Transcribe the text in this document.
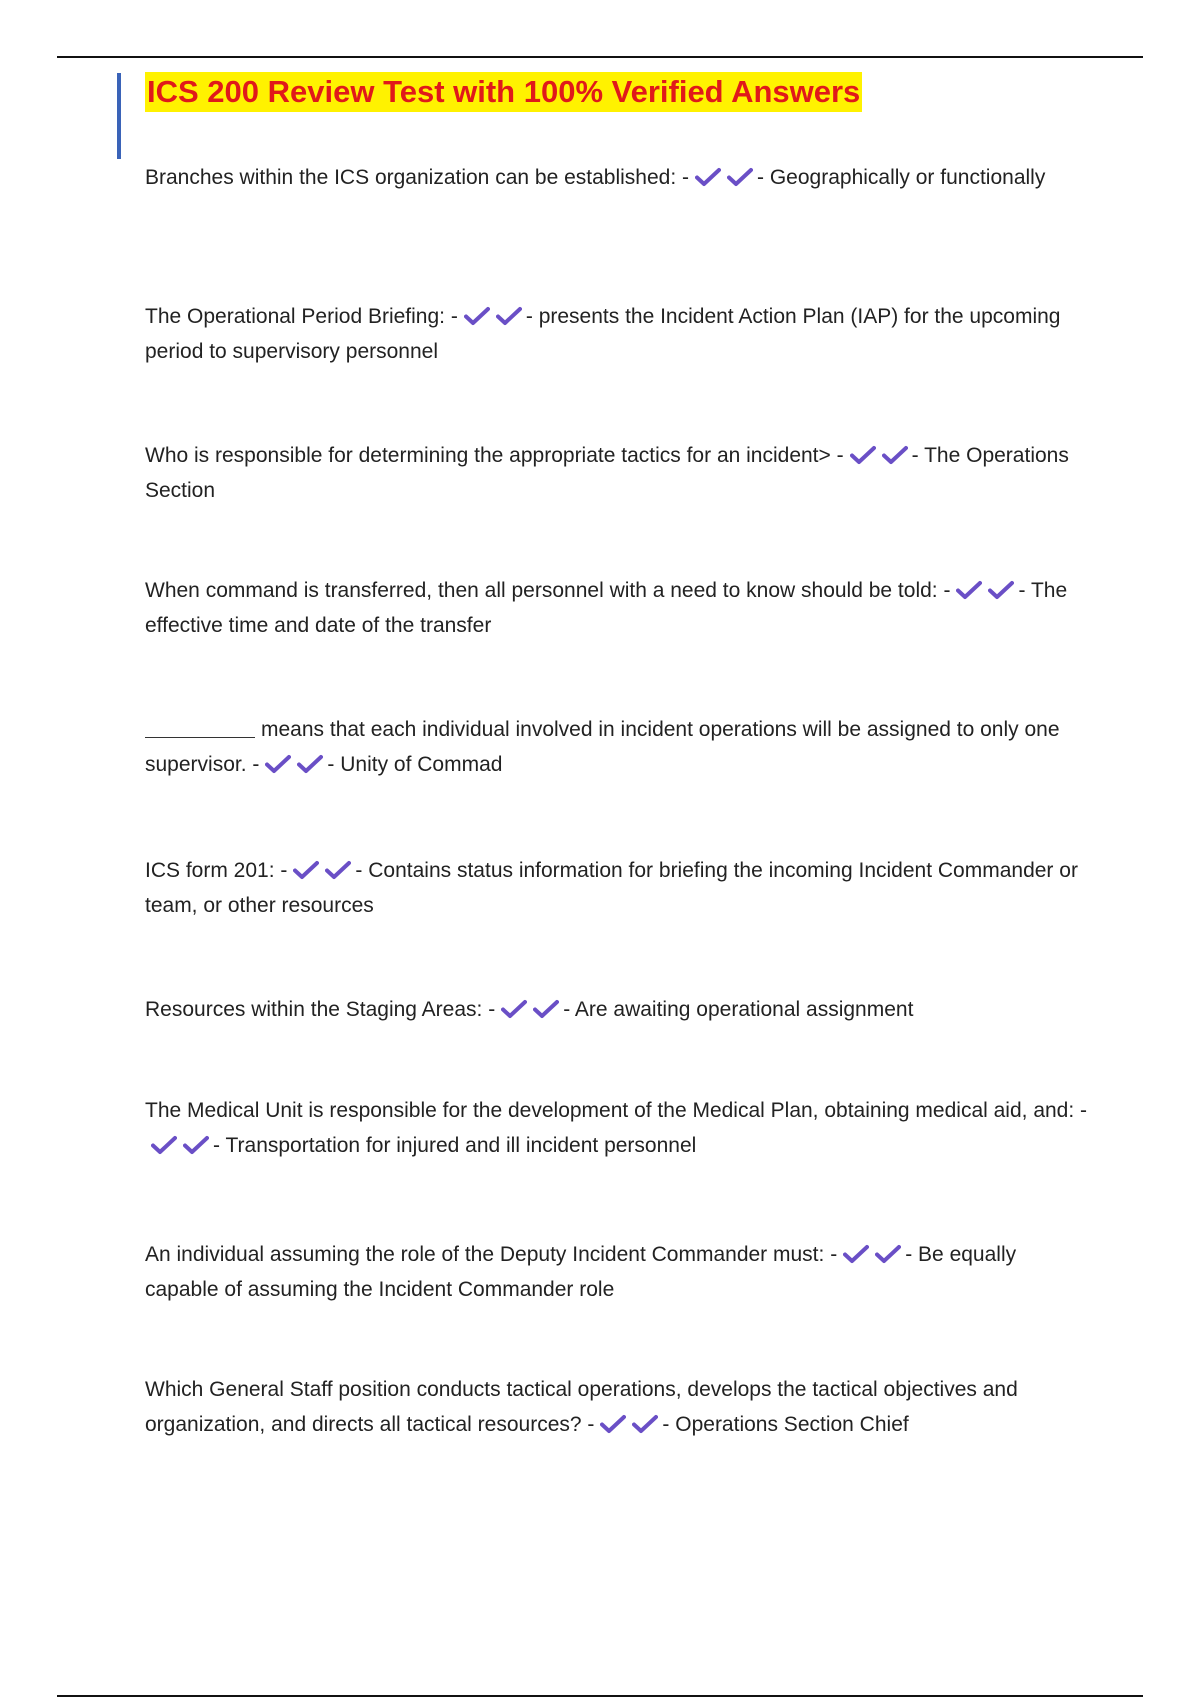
ICS 200 Review Test with 100% Verified Answers
Branches within the ICS organization can be established: -	- Geographically or functionally
The Operational Period Briefing: -	- presents the Incident Action Plan (IAP) for the upcoming period to supervisory personnel
Who is responsible for determining the appropriate tactics for an incident> -	- The Operations Section
When command is transferred, then all personnel with a need to know should be told: -	- The effective time and date of the transfer
means that each individual involved in incident operations will be assigned to only one supervisor. -	- Unity of Commad
ICS form 201: -	- Contains status information for briefing the incoming Incident Commander or team, or other resources
Resources within the Staging Areas: -	- Are awaiting operational assignment
The Medical Unit is responsible for the development of the Medical Plan, obtaining medical aid, and: -
- Transportation for injured and ill incident personnel
An individual assuming the role of the Deputy Incident Commander must: -	- Be equally capable of assuming the Incident Commander role
Which General Staff position conducts tactical operations, develops the tactical objectives and organization, and directs all tactical resources? -	- Operations Section Chief
